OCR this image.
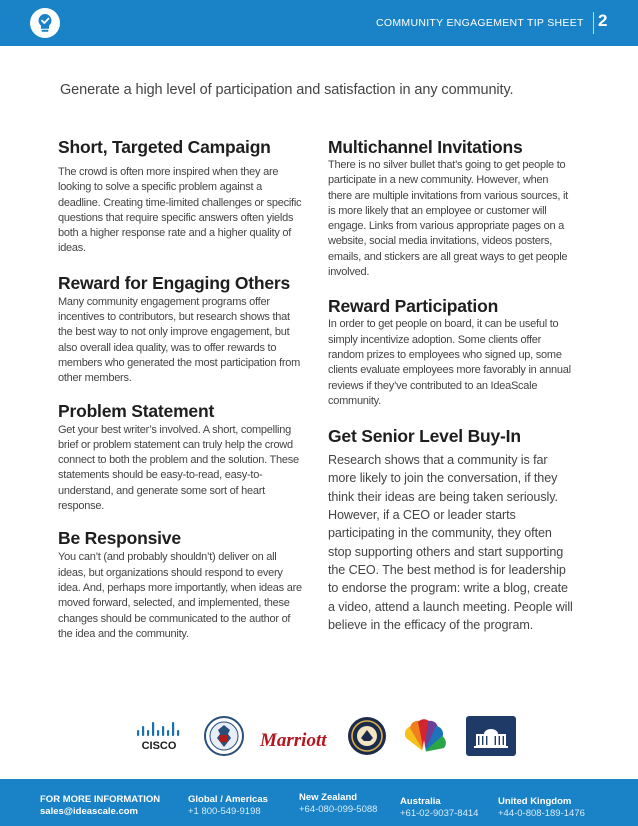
COMMUNITY ENGAGEMENT TIP SHEET 2
Generate a high level of participation and satisfaction in any community.
Short, Targeted Campaign

The crowd is often more inspired when they are looking to solve a specific problem against a deadline. Creating time-limited challenges or specific questions that require specific answers often yields both a higher response rate and a higher quality of ideas.

Reward for Engaging Others

Many community engagement programs offer incentives to contributors, but research shows that the best way to not only improve engagement, but also overall idea quality, was to offer rewards to members who generated the most participation from other members.

Problem Statement

Get your best writer’s involved. A short, compelling brief or problem statement can truly help the crowd connect to both the problem and the solution. These statements should be easy-to-read, easy-to-understand, and generate some sort of heart response.

Be Responsive

You can’t (and probably shouldn’t) deliver on all ideas, but organizations should respond to every idea. And, perhaps more importantly, when ideas are moved forward, selected, and implemented, these changes should be communicated to the author of the idea and the community.

Multichannel Invitations

There is no silver bullet that’s going to get people to participate in a new community. However, when there are multiple invitations from various sources, it is more likely that an employee or customer will engage. Links from various appropriate pages on a website, social media invitations, videos posters, emails, and stickers are all great ways to get people involved.

Reward Participation

In order to get people on board, it can be useful to simply incentivize adoption. Some clients offer random prizes to employees who signed up, some clients evaluate employees more favorably in annual reviews if they’ve contributed to an IdeaScale community.

Get Senior Level Buy-In

Research shows that a community is far more likely to join the conversation, if they think their ideas are being taken seriously. However, if a CEO or leader starts participating in the community, they often stop supporting others and start supporting the CEO. The best method is for leadership to endorse the program: write a blog, create a video, attend a launch meeting. People will believe in the efficacy of the program.

CISCO	Marriott
FOR MORE INFORMATION
sales@ideascale.com
Global / Americas
+1 800-549-9198
New Zealand
+64-080-099-5088
Australia
+61-02-9037-8414
United Kingdom
+44-0-808-189-1476
